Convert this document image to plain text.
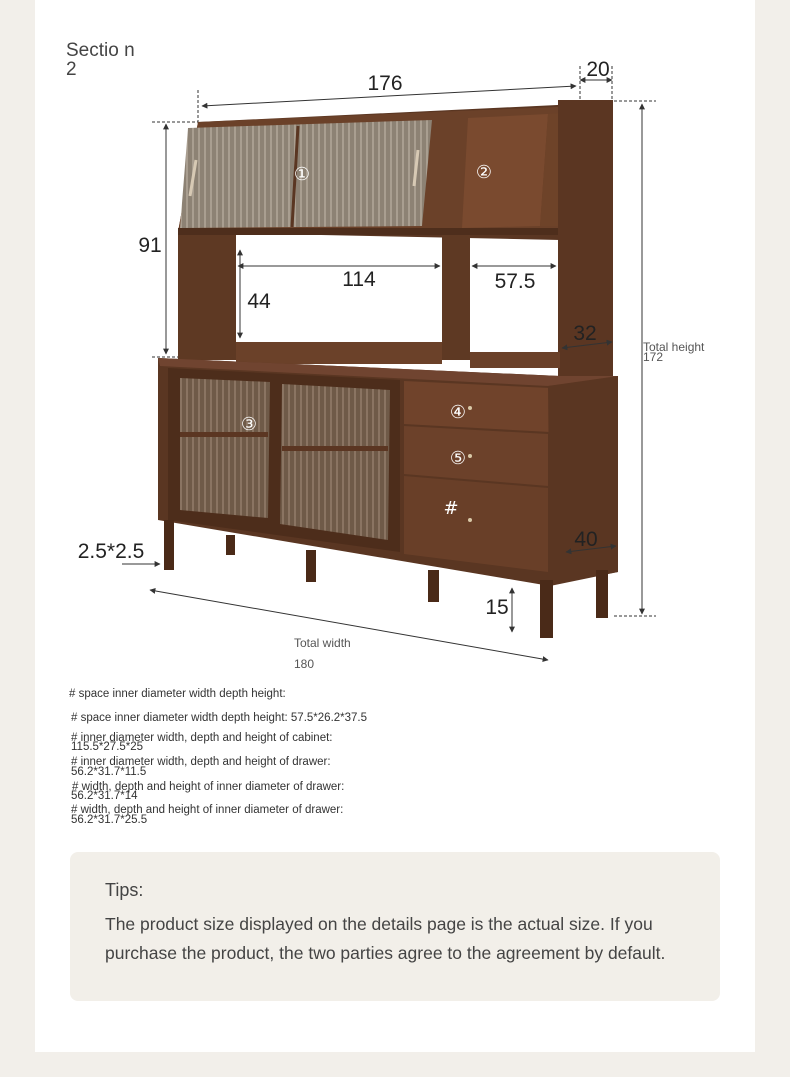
①	②
③
④
⑤
#
176
20
91
114
44
57.5
32
Total height
172
2.5*2.5
40
15
Total width
180
Sectio n 2
# space inner diameter width depth height:
# space inner diameter width depth height: 57.5*26.2*37.5
# inner diameter width, depth and height of cabinet:
115.5*27.5*25
# inner diameter width, depth and height of drawer:
56.2*31.7*11.5
# width, depth and height of inner diameter of drawer:
56.2*31.7*14
# width, depth and height of inner diameter of drawer:
56.2*31.7*25.5
Tips:
The product size displayed on the details page is the actual size. If you purchase the product, the two parties agree to the agreement by default.
